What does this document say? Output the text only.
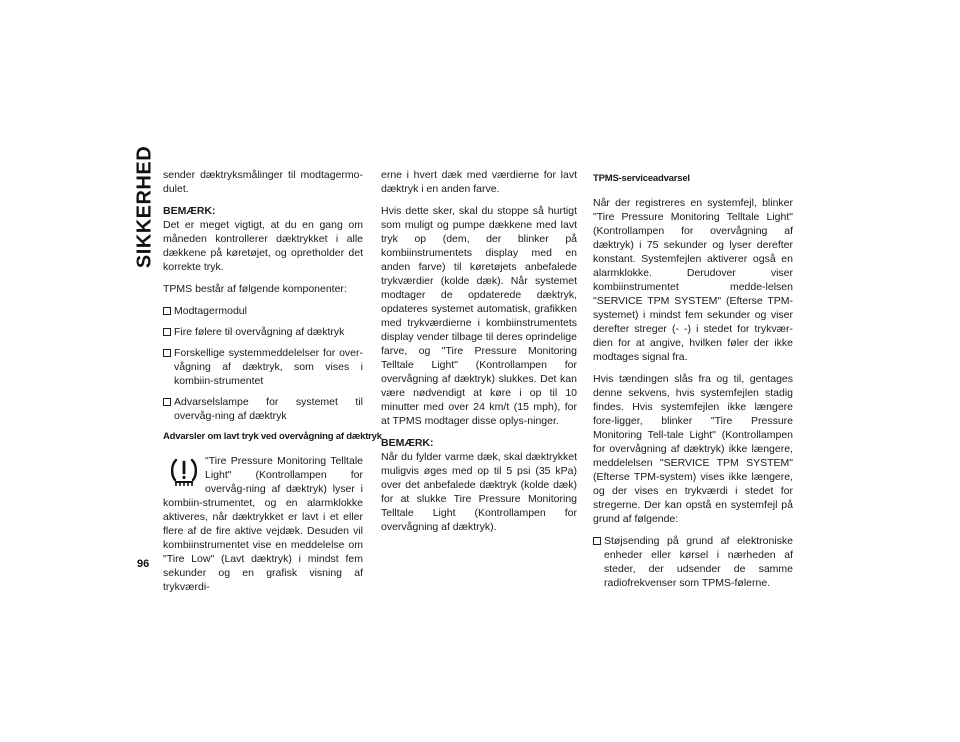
SIKKERHED
96

sender dæktryksmålinger til modtagermo-dulet.

BEMÆRK:
Det er meget vigtigt, at du en gang om måneden kontrollerer dæktrykket i alle dækkene på køretøjet, og opretholder det korrekte tryk.

TPMS består af følgende komponenter:

Modtagermodul
Fire følere til overvågning af dæktryk
Forskellige systemmeddelelser for over-vågning af dæktryk, som vises i kombiin-strumentet
Advarselslampe for systemet til overvåg-ning af dæktryk
Advarsler om lavt tryk ved overvågning af dæktryk

"Tire Pressure Monitoring Telltale Light" (Kontrollampen for overvåg-ning af dæktryk) lyser i kombiin-strumentet, og en alarmklokke aktiveres, når dæktrykket er lavt i et eller flere af de fire aktive vejdæk. Desuden vil kombiinstrumentet vise en meddelelse om "Tire Low" (Lavt dæktryk) i mindst fem sekunder og en grafisk visning af trykværdi-

erne i hvert dæk med værdierne for lavt dæktryk i en anden farve.

Hvis dette sker, skal du stoppe så hurtigt som muligt og pumpe dækkene med lavt tryk op (dem, der blinker på kombiinstrumentets display med en anden farve) til køretøjets anbefalede trykværdier (kolde dæk). Når systemet modtager de opdaterede dæktryk, opdateres systemet automatisk, grafikken med trykværdierne i kombiinstrumentets display vender tilbage til deres oprindelige farve, og "Tire Pressure Monitoring Telltale Light" (Kontrollampen for overvågning af dæktryk) slukkes. Det kan være nødvendigt at køre i op til 10 minutter med over 24 km/t (15 mph), for at TPMS modtager disse oplys-ninger.

BEMÆRK:
Når du fylder varme dæk, skal dæktrykket muligvis øges med op til 5 psi (35 kPa) over det anbefalede dæktryk (kolde dæk) for at slukke Tire Pressure Monitoring Telltale Light (Kontrollampen for overvågning af dæktryk).

TPMS-serviceadvarsel

Når der registreres en systemfejl, blinker "Tire Pressure Monitoring Telltale Light" (Kontrollampen for overvågning af dæktryk) i 75 sekunder og lyser derefter konstant. Systemfejlen aktiverer også en alarmklokke. Derudover viser kombiinstrumentet medde-lelsen "SERVICE TPM SYSTEM" (Efterse TPM-systemet) i mindst fem sekunder og viser derefter streger (- -) i stedet for trykvær-dien for at angive, hvilken føler der ikke modtages signal fra.

Hvis tændingen slås fra og til, gentages denne sekvens, hvis systemfejlen stadig findes. Hvis systemfejlen ikke længere fore-ligger, blinker "Tire Pressure Monitoring Tell-tale Light" (Kontrollampen for overvågning af dæktryk) ikke længere, meddelelsen "SERVICE TPM SYSTEM" (Efterse TPM-system) vises ikke længere, og der vises en trykværdi i stedet for stregerne. Der kan opstå en systemfejl på grund af følgende:

Støjsending på grund af elektroniske enheder eller kørsel i nærheden af steder, der udsender de samme radiofrekvenser som TPMS-følerne.
